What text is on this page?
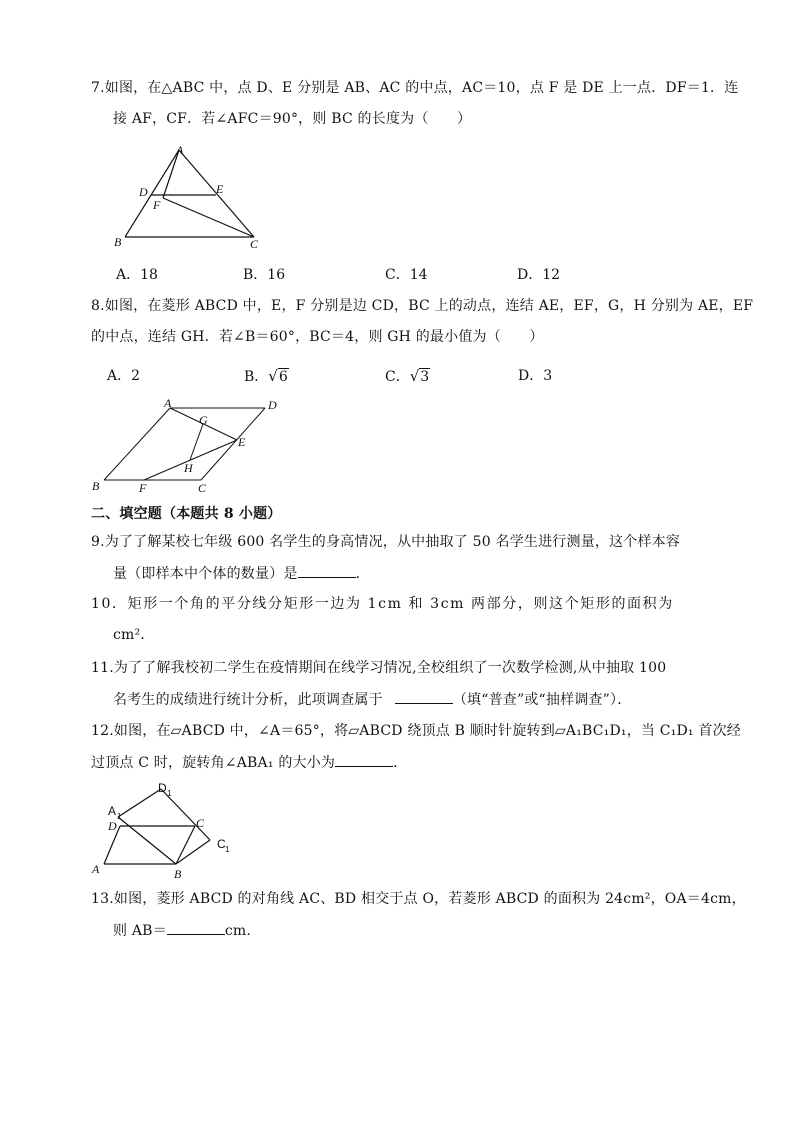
7.如图，在△ABC 中，点 D、E 分别是 AB、AC 的中点，AC＝10，点 F 是 DE 上一点．DF＝1．连
接 AF，CF．若∠AFC＝90°，则 BC 的长度为（　　）
A
B	C
D	E
F
A．18	B．16	C．14	D．12
8.如图，在菱形 ABCD 中，E，F 分别是边 CD，BC 上的动点，连结 AE，EF，G，H 分别为 AE，EF
的中点，连结 GH．若∠B＝60°，BC＝4，则 GH 的最小值为（　　）
A．2	B．√6	C．√3	D．3
A	D
G
E
H
B	F	C
二、填空题（本题共 8 小题）
9.为了了解某校七年级 600 名学生的身高情况，从中抽取了 50 名学生进行测量，这个样本容
量（即样本中个体的数量）是	．
10．矩形一个角的平分线分矩形一边为 1cm 和 3cm 两部分，则这个矩形的面积为
cm²．
11.为了了解我校初二学生在疫情期间在线学习情况,全校组织了一次数学检测,从中抽取 100
名考生的成绩进行统计分析，此项调查属于	（填“普查”或“抽样调查”）．
12.如图，在▱ABCD 中，∠A＝65°，将▱ABCD 绕顶点 B 顺时针旋转到▱A₁BC₁D₁，当 C₁D₁ 首次经
过顶点 C 时，旋转角∠ABA₁ 的大小为	．
A 1
D 1
D	C
C 1
A	B
13.如图，菱形 ABCD 的对角线 AC、BD 相交于点 O，若菱形 ABCD 的面积为 24cm²，OA＝4cm，
则 AB＝	cm.
